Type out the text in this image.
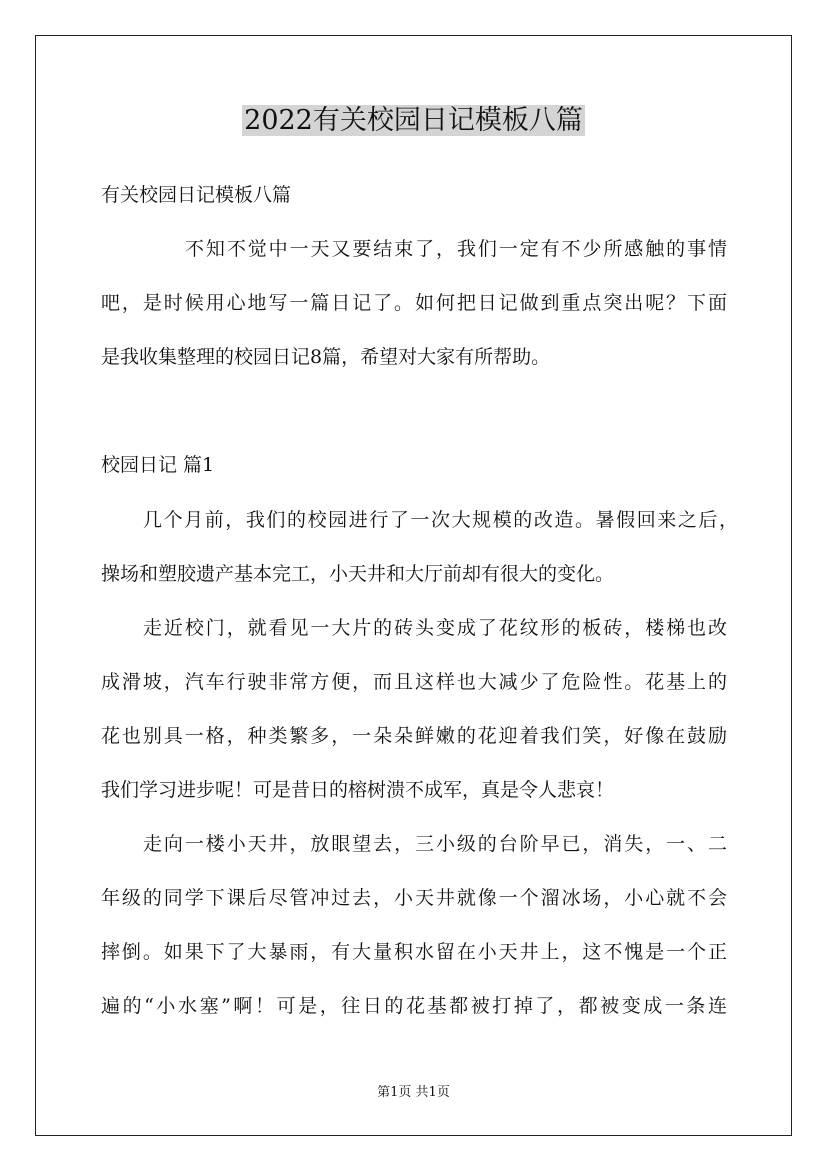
2022有关校园日记模板八篇
有关校园日记模板八篇
不知不觉中一天又要结束了，我们一定有不少所感触的事情
吧，是时候用心地写一篇日记了。如何把日记做到重点突出呢？下面
是我收集整理的校园日记8篇，希望对大家有所帮助。
校园日记 篇1
几个月前，我们的校园进行了一次大规模的改造。暑假回来之后，
操场和塑胶遗产基本完工，小天井和大厅前却有很大的变化。
走近校门，就看见一大片的砖头变成了花纹形的板砖，楼梯也改
成滑坡，汽车行驶非常方便，而且这样也大减少了危险性。花基上的
花也别具一格，种类繁多，一朵朵鲜嫩的花迎着我们笑，好像在鼓励
我们学习进步呢！可是昔日的榕树溃不成军，真是令人悲哀！
走向一楼小天井，放眼望去，三小级的台阶早已，消失，一、二
年级的同学下课后尽管冲过去，小天井就像一个溜冰场，小心就不会
摔倒。如果下了大暴雨，有大量积水留在小天井上，这不愧是一个正
遍的“小水塞”啊！可是，往日的花基都被打掉了，都被变成一条连
第1页 共1页
